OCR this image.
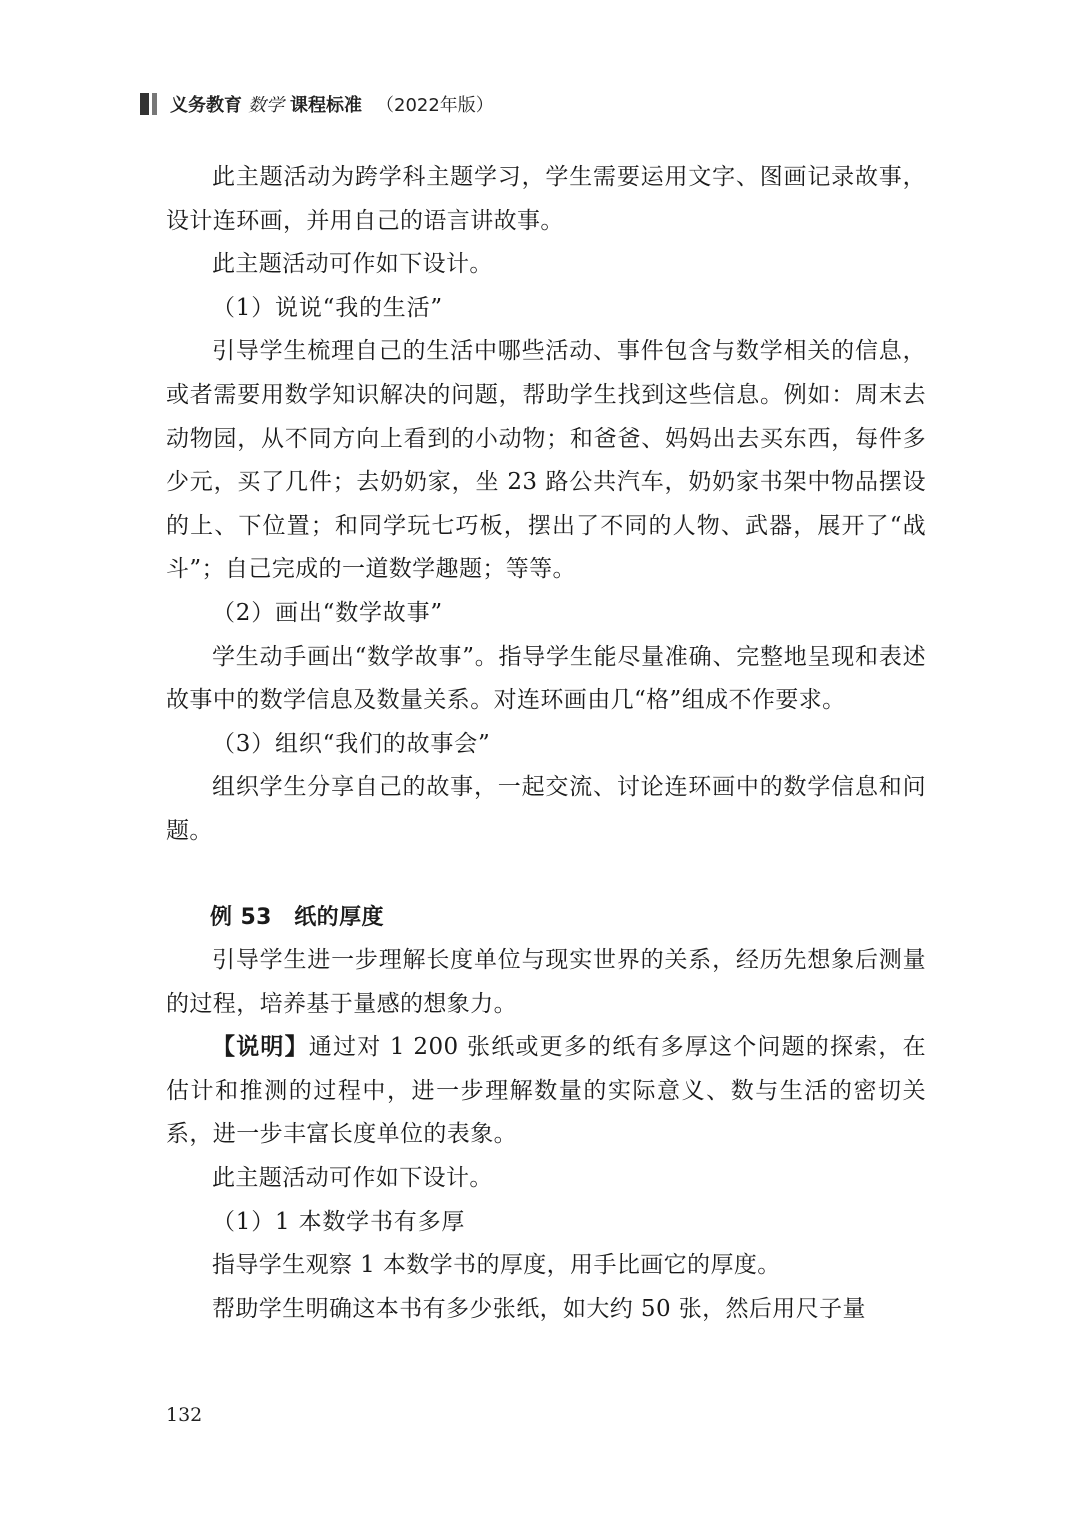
义务教育 数学 课程标准 （2022年版）

此主题活动为跨学科主题学习，学生需要运用文字、图画记录故事，设计连环画，并用自己的语言讲故事。

此主题活动可作如下设计。

（1）说说“我的生活”

引导学生梳理自己的生活中哪些活动、事件包含与数学相关的信息，或者需要用数学知识解决的问题，帮助学生找到这些信息。例如：周末去动物园，从不同方向上看到的小动物；和爸爸、妈妈出去买东西，每件多少元，买了几件；去奶奶家，坐 23 路公共汽车，奶奶家书架中物品摆设的上、下位置；和同学玩七巧板，摆出了不同的人物、武器，展开了“战斗”；自己完成的一道数学趣题；等等。

（2）画出“数学故事”

学生动手画出“数学故事”。指导学生能尽量准确、完整地呈现和表述故事中的数学信息及数量关系。对连环画由几“格”组成不作要求。

（3）组织“我们的故事会”

组织学生分享自己的故事，一起交流、讨论连环画中的数学信息和问题。

例 53　纸的厚度

引导学生进一步理解长度单位与现实世界的关系，经历先想象后测量的过程，培养基于量感的想象力。

【说明】通过对 1 200 张纸或更多的纸有多厚这个问题的探索，在估计和推测的过程中，进一步理解数量的实际意义、数与生活的密切关系，进一步丰富长度单位的表象。

此主题活动可作如下设计。

（1）1 本数学书有多厚

指导学生观察 1 本数学书的厚度，用手比画它的厚度。

帮助学生明确这本书有多少张纸，如大约 50 张，然后用尺子量

132
